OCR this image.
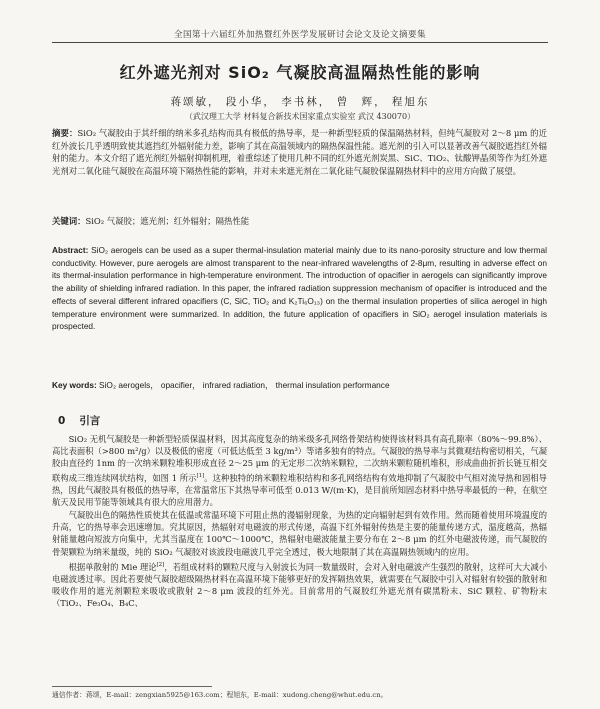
全国第十六届红外加热暨红外医学发展研讨会论文及论文摘要集
红外遮光剂对 SiO₂ 气凝胶高温隔热性能的影响
蒋颂敏， 段小华， 李书林， 曾　辉， 程旭东
（武汉理工大学 材料复合新技术国家重点实验室 武汉 430070）
摘要：SiO₂ 气凝胶由于其纤细的纳米多孔结构而具有极低的热导率，是一种新型轻质的保温隔热材料，但纯气凝胶对 2～8 μm 的近红外波长几乎透明致使其遮挡红外辐射能力差，影响了其在高温领域内的隔热保温性能。遮光剂的引入可以显著改善气凝胶遮挡红外辐射的能力。本文介绍了遮光剂红外辐射抑制机理，着重综述了使用几种不同的红外遮光剂炭黑、SiC、TiO₂、钛酸钾晶须等作为红外遮光剂对二氧化硅气凝胶在高温环境下隔热性能的影响，并对未来遮光剂在二氧化硅气凝胶保温隔热材料中的应用方向做了展望。
关键词：SiO₂ 气凝胶；遮光剂；红外辐射；隔热性能
Abstract: SiO₂ aerogels can be used as a super thermal-insulation material mainly due to its nano-porosity structure and low thermal conductivity. However, pure aerogels are almost transparent to the near-infrared wavelengths of 2-8μm, resulting in adverse effect on its thermal-insulation performance in high-temperature environment. The introduction of opacifier in aerogels can significantly improve the ability of shielding infrared radiation. In this paper, the infrared radiation suppression mechanism of opacifier is introduced and the effects of several different infrared opacifiers (C, SiC, TiO₂ and K₂Ti₆O₁₃) on the thermal insulation properties of silica aerogel in high temperature environment were summarized. In addition, the future application of opacifiers in SiO₂ aerogel insulation materials is prospected.
Key words: SiO₂ aerogels， opacifier， infrared radiation， thermal insulation performance
0 引言

SiO₂ 无机气凝胶是一种新型轻质保温材料，因其高度复杂的纳米级多孔网络骨架结构使得该材料具有高孔隙率（80%～99.8%）、高比表面积（>800 m²/g）以及极低的密度（可低达低至 3 kg/m³）等诸多独有的特点。气凝胶的热导率与其微观结构密切相关，气凝胶由直径约 1nm 的一次纳米颗粒堆积形成直径 2～25 μm 的无定形二次纳米颗粒，二次纳米颗粒随机堆积，形成曲曲折折长链互相交联构成三维连续网状结构，如图 1 所示[1]。这种独特的纳米颗粒堆积结构和多孔网络结构有效地抑制了气凝胶中气相对流导热和固相导热，因此气凝胶具有极低的热导率，在常温常压下其热导率可低至 0.013 W/(m·K)，是目前所知固态材料中热导率最低的一种，在航空航天及民用节能等领域具有很大的应用潜力。

气凝胶出色的隔热性质使其在低温或常温环境下可阻止热的漫辐射现象，为热的定向辐射起到有效作用。然而随着使用环境温度的升高，它的热导率会迅速增加。究其原因，热辐射对电磁波的形式传递，高温下红外辐射传热是主要的能量传递方式，温度越高，热辐射能量越向短波方向集中，尤其当温度在 100℃～1000℃，热辐射电磁波能量主要分布在 2～8 μm 的红外电磁波传递，而气凝胶的骨架颗粒为纳米量级，纯的 SiO₂ 气凝胶对该波段电磁波几乎完全透过，极大地限制了其在高温隔热领域内的应用。

根据单散射的 Mie 理论[2]，若组成材料的颗粒尺度与入射波长为同一数量级时，会对入射电磁波产生强烈的散射，这样可大大减小电磁波透过率。因此若要使气凝胶超级隔热材料在高温环境下能够更好的发挥隔热效果，就需要在气凝胶中引入对辐射有较强的散射和吸收作用的遮光剂颗粒来吸收或散射 2～8 μm 波段的红外光。目前常用的气凝胶红外遮光剂有碳黑粉末、SiC 颗粒、矿物粉末（TiO₂、Fe₃O₄、B₄C、

通信作者：蒋颂，E-mail：zengxian5925@163.com；程旭东，E-mail：xudong.cheng@whut.edu.cn。
